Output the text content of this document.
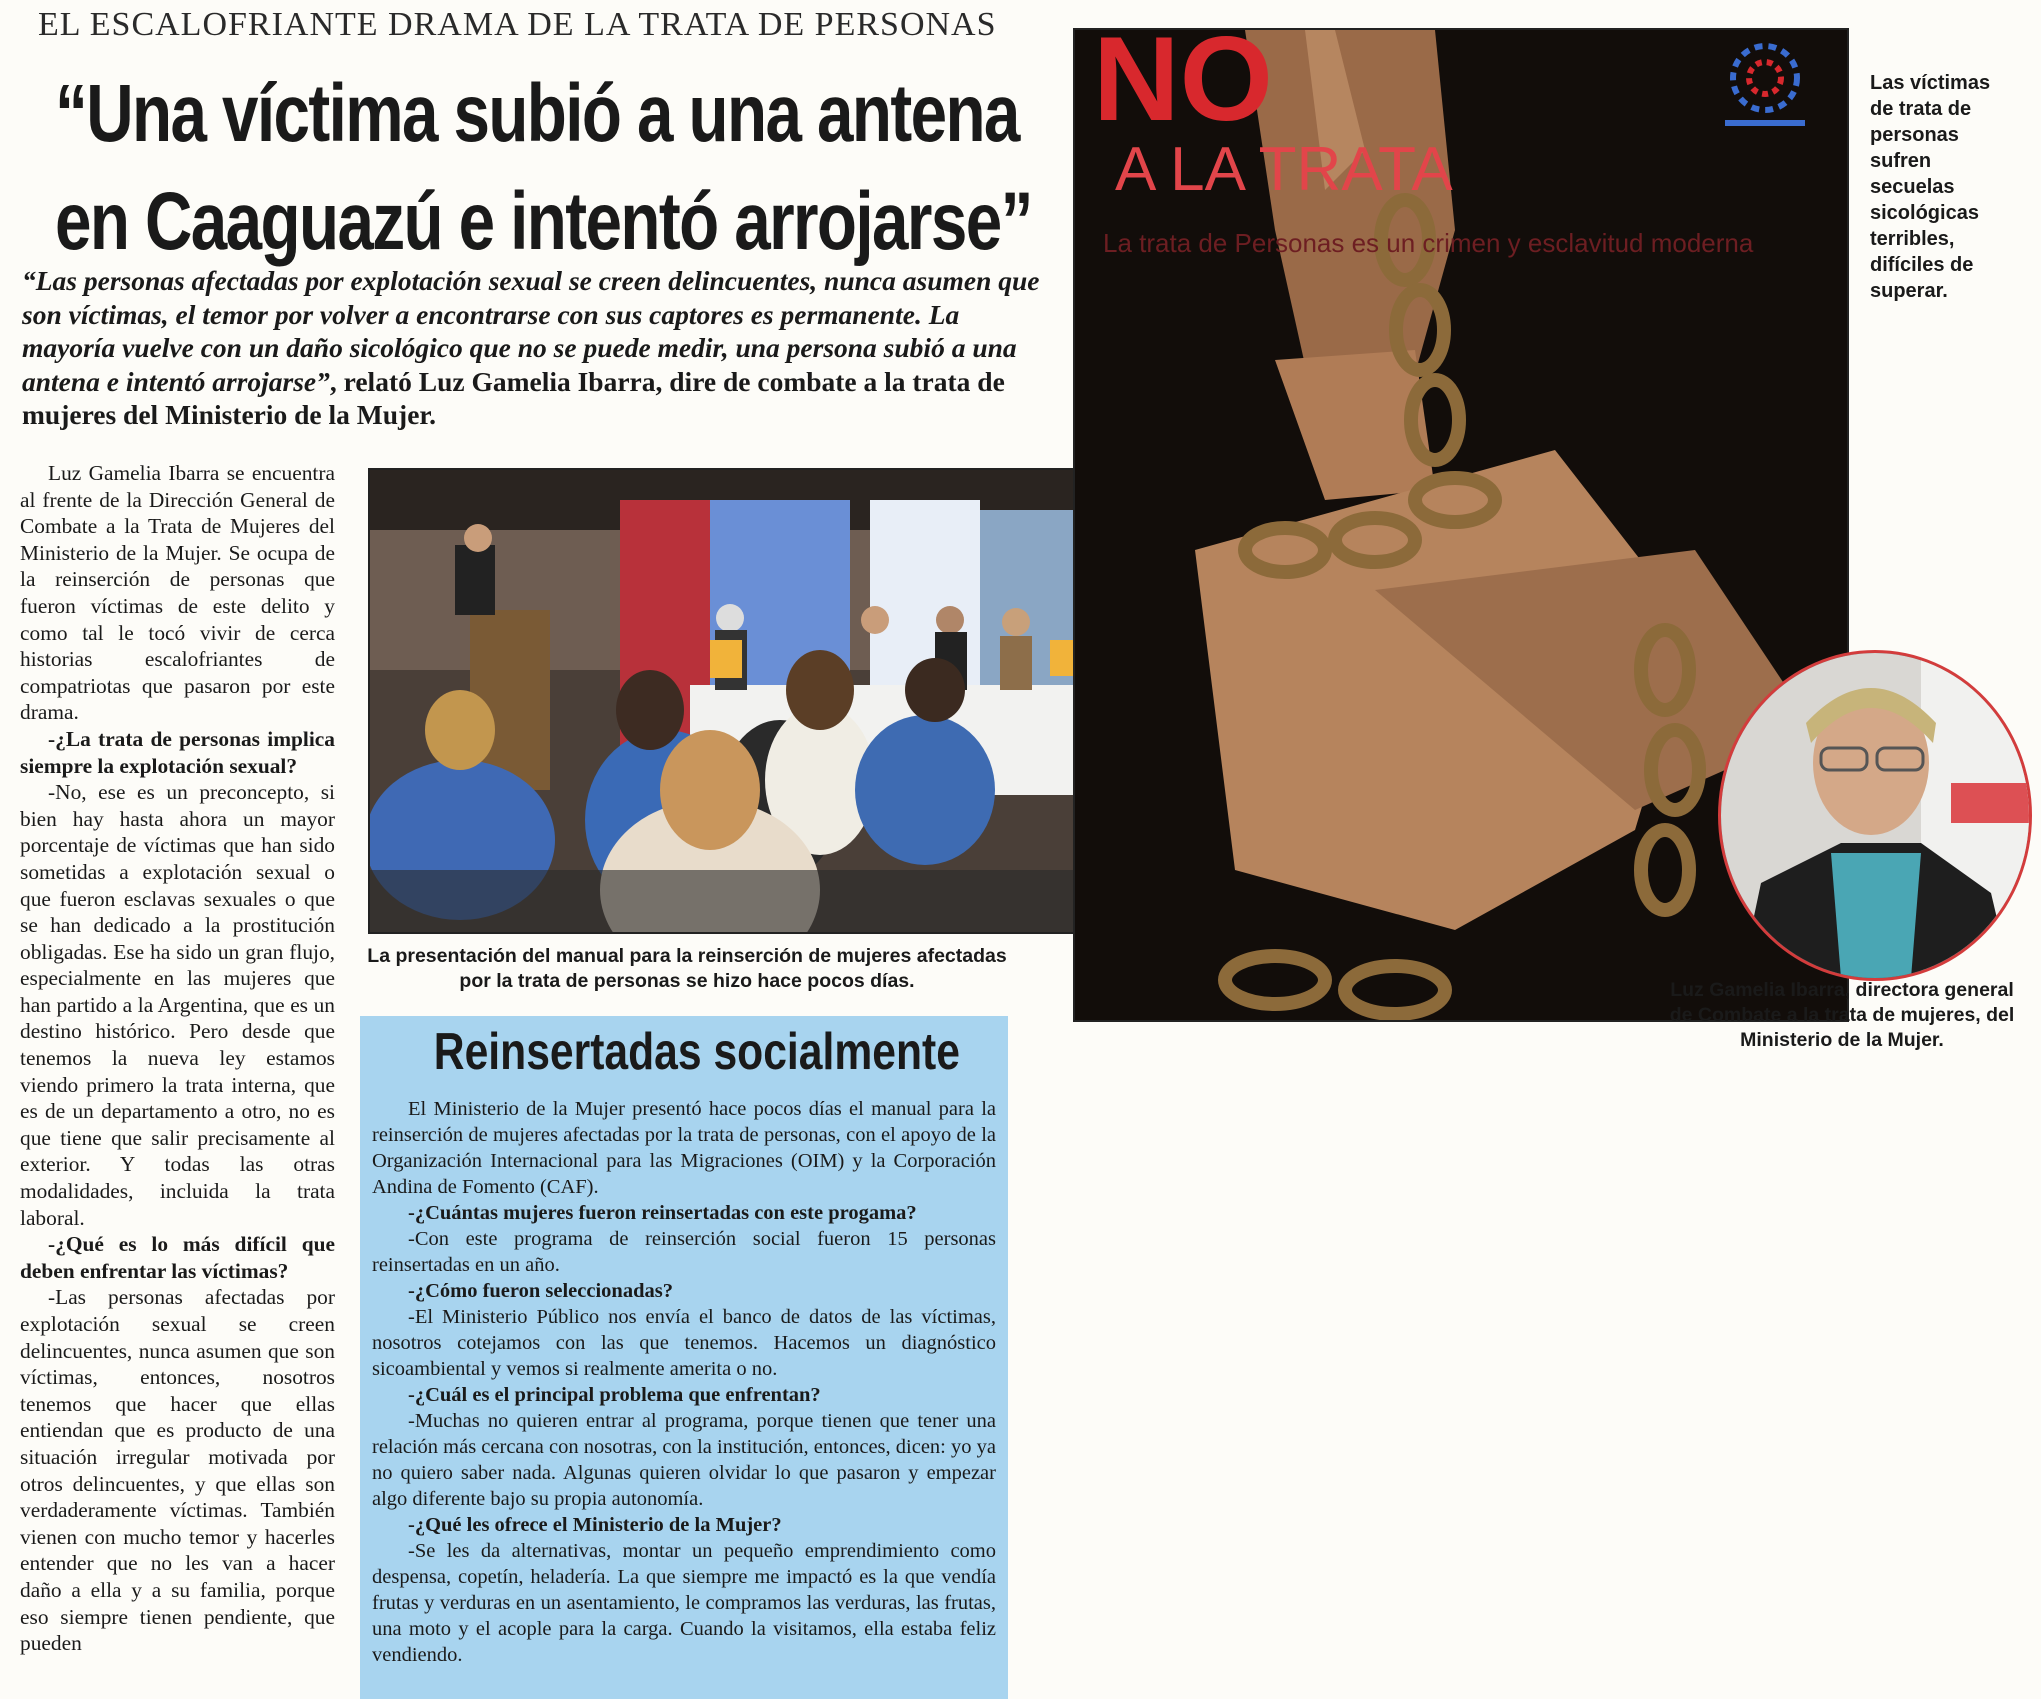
EL ESCALOFRIANTE DRAMA DE LA TRATA DE PERSONAS
“Una víctima subió a una antena
en Caaguazú e intentó arrojarse”
“Las personas afectadas por explotación sexual se creen delincuentes, nunca asumen que son víctimas, el temor por volver a encontrarse con sus captores es permanente. La mayoría vuelve con un daño sicológico que no se puede medir, una persona subió a una antena e intentó arrojarse”, relató Luz Gamelia Ibarra, dire de combate a la trata de mujeres del Ministerio de la Mujer.

Luz Gamelia Ibarra se encuentra al frente de la Dirección General de Combate a la Trata de Mujeres del Ministerio de la Mujer. Se ocupa de la reinserción de personas que fueron víctimas de este delito y como tal le tocó vivir de cerca historias escalofriantes de compatriotas que pasaron por este drama.

-¿La trata de personas implica siempre la explotación sexual?

-No, ese es un preconcepto, si bien hay hasta ahora un mayor porcentaje de víctimas que han sido sometidas a explotación sexual o que fueron esclavas sexuales o que se han dedicado a la prostitución obligadas. Ese ha sido un gran flujo, especialmente en las mujeres que han partido a la Argentina, que es un destino histórico. Pero desde que tenemos la nueva ley estamos viendo primero la trata interna, que es de un departamento a otro, no es que tiene que salir precisamente al exterior. Y todas las otras modalidades, incluida la trata laboral.

-¿Qué es lo más difícil que deben enfrentar las víctimas?

-Las personas afectadas por explotación sexual se creen delincuentes, nunca asumen que son víctimas, entonces, nosotros tenemos que hacer que ellas entiendan que es producto de una situación irregular motivada por otros delincuentes, y que ellas son verdaderamente víctimas. También vienen con mucho temor y hacerles entender que no les van a hacer daño a ella y a su familia, porque eso siempre tienen pendiente, que pueden

La presentación del manual para la reinserción de mujeres afectadas por la trata de personas se hizo hace pocos días.
NO
A LA TRATA
La trata de Personas es un crimen y esclavitud moderna
Las víctimas de trata de personas sufren secuelas sicológicas terribles, difíciles de superar.
Luz Gamelia Ibarra, directora general de Combate a la trata de mujeres, del Ministerio de la Mujer.
Reinsertadas socialmente

El Ministerio de la Mujer presentó hace pocos días el manual para la reinserción de mujeres afectadas por la trata de personas, con el apoyo de la Organización Internacional para las Migraciones (OIM) y la Corporación Andina de Fomento (CAF).

-¿Cuántas mujeres fueron reinsertadas con este progama?

-Con este programa de reinserción social fueron 15 personas reinsertadas en un año.

-¿Cómo fueron seleccionadas?

-El Ministerio Público nos envía el banco de datos de las víctimas, nosotros cotejamos con las que tenemos. Hacemos un diagnóstico sicoambiental y vemos si realmente amerita o no.

-¿Cuál es el principal problema que enfrentan?

-Muchas no quieren entrar al programa, porque tienen que tener una relación más cercana con nosotras, con la institución, entonces, dicen: yo ya no quiero saber nada. Algunas quieren olvidar lo que pasaron y empezar algo diferente bajo su propia autonomía.

-¿Qué les ofrece el Ministerio de la Mujer?

-Se les da alternativas, montar un pequeño emprendimiento como despensa, copetín, heladería. La que siempre me impactó es la que vendía frutas y verduras en un asentamiento, le compramos las verduras, las frutas, una moto y el acople para la carga. Cuando la visitamos, ella estaba feliz vendiendo.
